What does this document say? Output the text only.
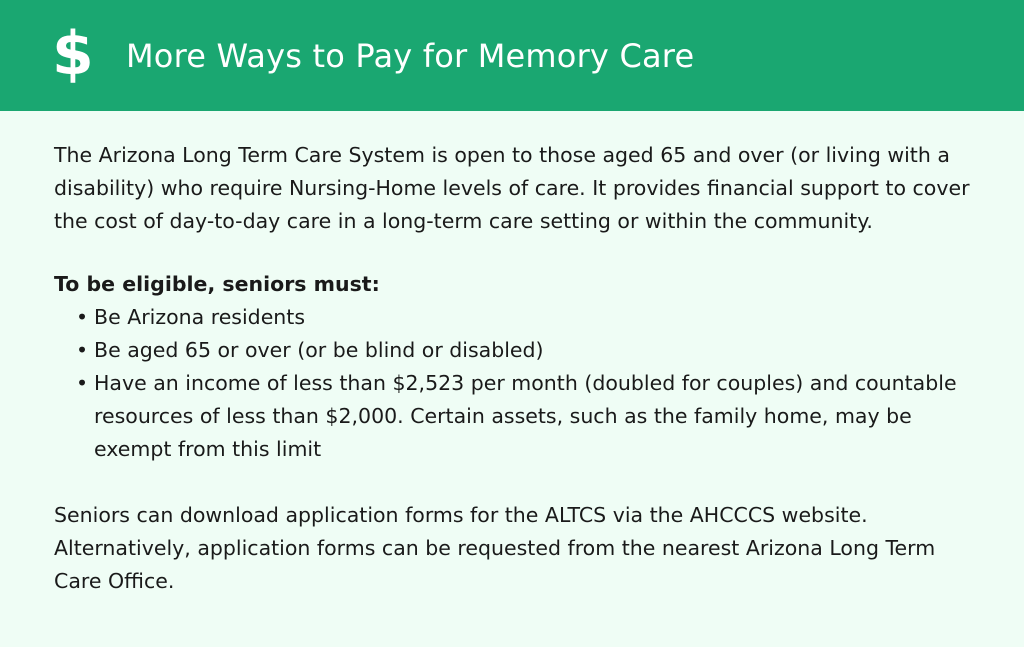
$ More Ways to Pay for Memory Care

The Arizona Long Term Care System is open to those aged 65 and over (or living with a disability) who require Nursing-Home levels of care. It provides financial support to cover the cost of day-to-day care in a long-term care setting or within the community.

To be eligible, seniors must:

• Be Arizona residents
• Be aged 65 or over (or be blind or disabled)
• Have an income of less than $2,523 per month (doubled for couples) and countable resources of less than $2,000. Certain assets, such as the family home, may be exempt from this limit

Seniors can download application forms for the ALTCS via the AHCCCS website. Alternatively, application forms can be requested from the nearest Arizona Long Term Care Office.
